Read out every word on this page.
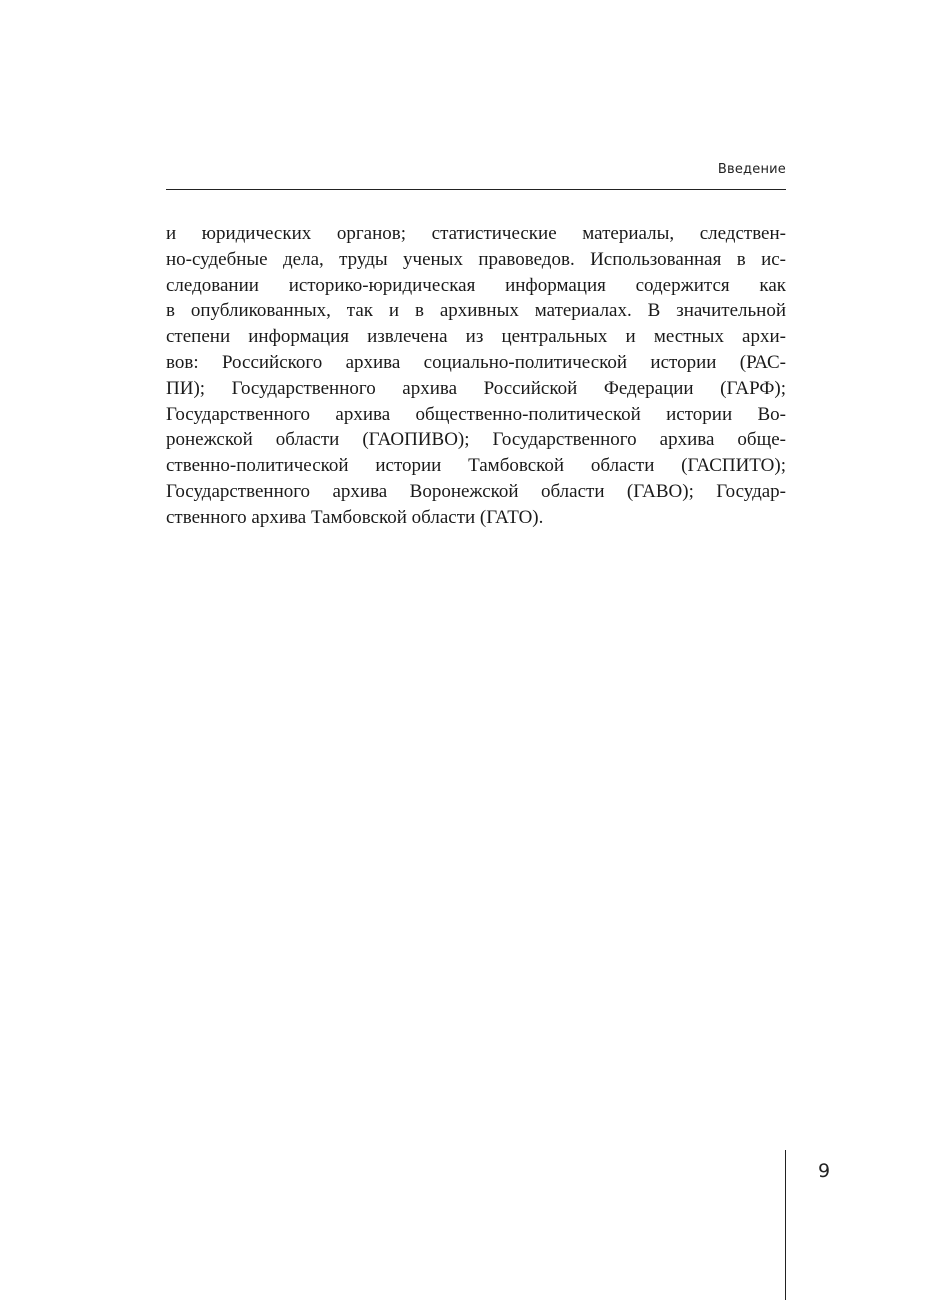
Введение
и юридических органов; статистические материалы, следствен-
но-судебные дела, труды ученых правоведов. Использованная в ис-
следовании историко-юридическая информация содержится как
в опубликованных, так и в архивных материалах. В значительной
степени информация извлечена из центральных и местных архи-
вов: Российского архива социально-политической истории (РАС-
ПИ); Государственного архива Российской Федерации (ГАРФ);
Государственного архива общественно-политической истории Во-
ронежской области (ГАОПИВО); Государственного архива обще-
ственно-политической истории Тамбовской области (ГАСПИТО);
Государственного архива Воронежской области (ГАВО); Государ-
ственного архива Тамбовской области (ГАТО).
9
